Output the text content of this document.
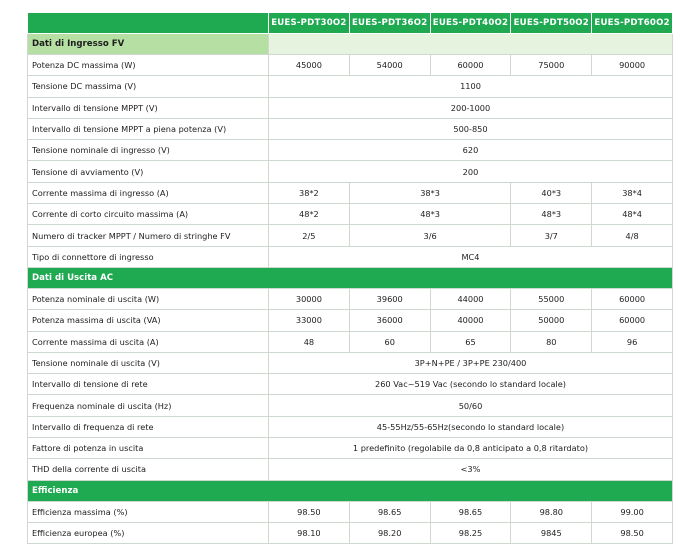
	EUES-PDT30O2	EUES-PDT36O2	EUES-PDT40O2	EUES-PDT50O2	EUES-PDT60O2
Dati di Ingresso FV					
Potenza DC massima (W)	45000	54000	60000	75000	90000
Tensione DC massima (V)	1100				
Intervallo di tensione MPPT (V)	200-1000				
Intervallo di tensione MPPT a piena potenza (V)	500-850				
Tensione nominale di ingresso (V)	620				
Tensione di avviamento (V)	200				
Corrente massima di ingresso (A)	38*2	38*3		40*3	38*4
Corrente di corto circuito massima (A)	48*2	48*3		48*3	48*4
Numero di tracker MPPT / Numero di stringhe FV	2/5	3/6		3/7	4/8
Tipo di connettore di ingresso	MC4				
Dati di Uscita AC					
Potenza nominale di uscita (W)	30000	39600	44000	55000	60000
Potenza massima di uscita (VA)	33000	36000	40000	50000	60000
Corrente massima di uscita (A)	48	60	65	80	96
Tensione nominale di uscita (V)	3P+N+PE / 3P+PE 230/400				
Intervallo di tensione di rete	260 Vac~519 Vac (secondo lo standard locale)				
Frequenza nominale di uscita (Hz)	50/60				
Intervallo di frequenza di rete	45-55Hz/55-65Hz(secondo lo standard locale)				
Fattore di potenza in uscita	1 predefinito (regolabile da 0,8 anticipato a 0,8 ritardato)				
THD della corrente di uscita	<3%				
Efficienza					
Efficienza massima (%)	98.50	98.65	98.65	98.80	99.00
Efficienza europea (%)	98.10	98.20	98.25	9845	98.50
